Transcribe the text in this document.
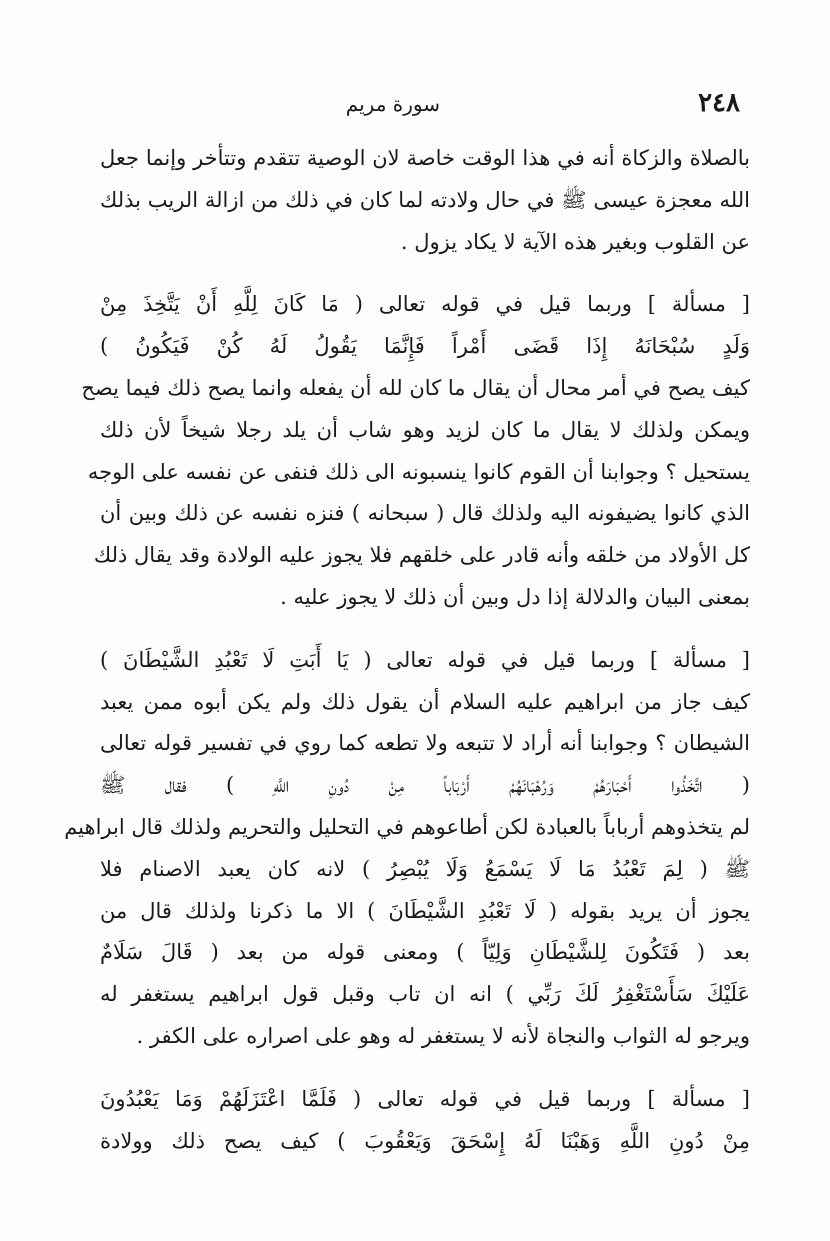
٢٤٨
سورة مريم
بالصلاة والزكاة أنه في هذا الوقت خاصة لان الوصية تتقدم وتتأخر وإنما جعل
الله معجزة عيسى ﷺ في حال ولادته لما كان في ذلك من ازالة الريب بذلك
عن القلوب وبغير هذه الآية لا يكاد يزول .
[ مسألة ] وربما قيل في قوله تعالى ( مَا كَانَ لِلَّهِ أَنْ يَتَّخِذَ مِنْ
وَلَدٍ سُبْحَانَهُ إِذَا قَضَى أَمْراً فَإِنَّمَا يَقُولُ لَهُ كُنْ فَيَكُونُ )
كيف يصح في أمر محال أن يقال ما كان لله أن يفعله وانما يصح ذلك فيما يصح
ويمكن ولذلك لا يقال ما كان لزيد وهو شاب أن يلد رجلا شيخاً لأن ذلك
يستحيل ؟ وجوابنا أن القوم كانوا ينسبونه الى ذلك فنفى عن نفسه على الوجه
الذي كانوا يضيفونه اليه ولذلك قال ( سبحانه ) فنزه نفسه عن ذلك وبين أن
كل الأولاد من خلقه وأنه قادر على خلقهم فلا يجوز عليه الولادة وقد يقال ذلك
بمعنى البيان والدلالة إذا دل وبين أن ذلك لا يجوز عليه .
[ مسألة ] وربما قيل في قوله تعالى ( يَا أَبَتِ لَا تَعْبُدِ الشَّيْطَانَ )
كيف جاز من ابراهيم عليه السلام أن يقول ذلك ولم يكن أبوه ممن يعبد
الشيطان ؟ وجوابنا أنه أراد لا تتبعه ولا تطعه كما روي في تفسير قوله تعالى
( اتَّخَذُوا أَحْبَارَهُمْ وَرُهْبَانَهُمْ أَرْبَاباً مِنْ دُونِ اللَّهِ ) فقال ﷺ
لم يتخذوهم أرباباً بالعبادة لكن أطاعوهم في التحليل والتحريم ولذلك قال ابراهيم
ﷺ ( لِمَ تَعْبُدُ مَا لَا يَسْمَعُ وَلَا يُبْصِرُ ) لانه كان يعبد الاصنام فلا
يجوز أن يريد بقوله ( لَا تَعْبُدِ الشَّيْطَانَ ) الا ما ذكرنا ولذلك قال من
بعد ( فَتَكُونَ لِلشَّيْطَانِ وَلِيّاً ) ومعنى قوله من بعد ( قَالَ سَلَامٌ
عَلَيْكَ سَأَسْتَغْفِرُ لَكَ رَبِّي ) انه ان تاب وقبل قول ابراهيم يستغفر له
ويرجو له الثواب والنجاة لأنه لا يستغفر له وهو على اصراره على الكفر .
[ مسألة ] وربما قيل في قوله تعالى ( فَلَمَّا اعْتَزَلَهُمْ وَمَا يَعْبُدُونَ
مِنْ دُونِ اللَّهِ وَهَبْنَا لَهُ إِسْحَقَ وَيَعْقُوبَ ) كيف يصح ذلك وولادة
